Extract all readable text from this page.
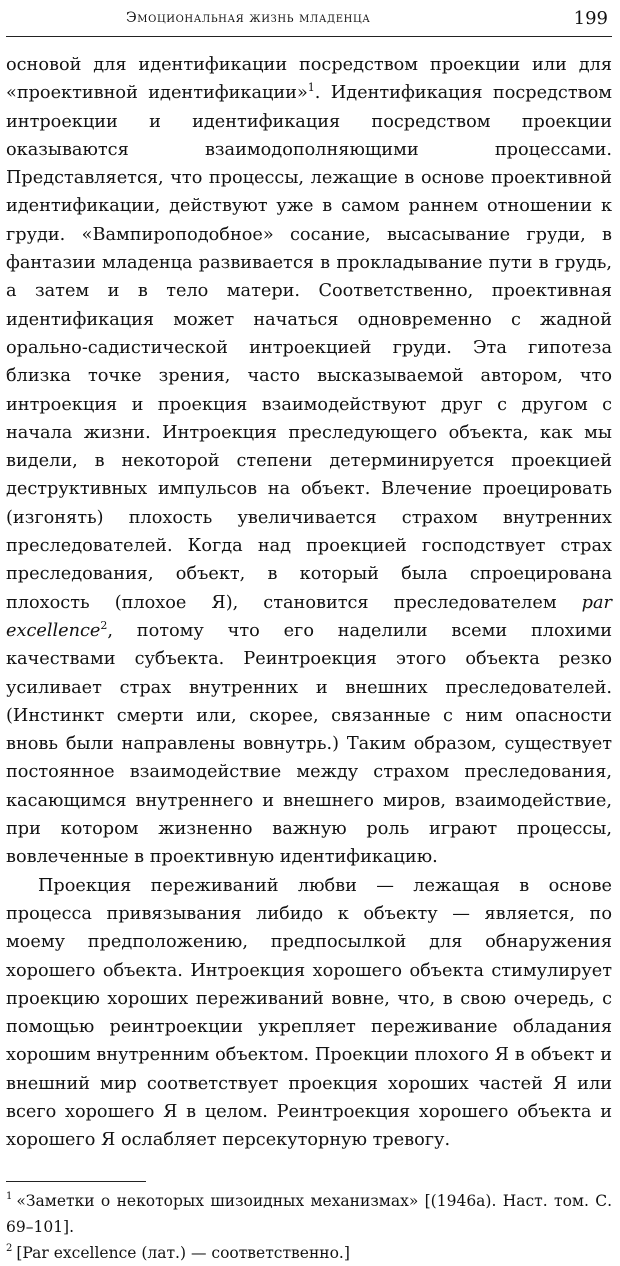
Эмоциональная жизнь младенца	199

основой для идентификации посредством проекции или для «проективной идентификации»$^1$. Идентификация посредством интроекции и идентификация посредством проекции оказываются взаимодополняющими процессами. Представляется, что процессы, лежащие в основе проективной идентификации, действуют уже в самом раннем отношении к груди. «Вампироподобное» сосание, высасывание груди, в фантазии младенца развивается в прокладывание пути в грудь, а затем и в тело матери. Соответственно, проективная идентификация может начаться одновременно с жадной орально-садистической интроекцией груди. Эта гипотеза близка точке зрения, часто высказываемой автором, что интроекция и проекция взаимодействуют друг с другом с начала жизни. Интроекция преследующего объекта, как мы видели, в некоторой степени детерминируется проекцией деструктивных импульсов на объект. Влечение проецировать (изгонять) плохость увеличивается страхом внутренних преследователей. Когда над проекцией господствует страх преследования, объект, в который была спроецирована плохость (плохое Я), становится преследователем par excellence$^2$, потому что его наделили всеми плохими качествами субъекта. Реинтроекция этого объекта резко усиливает страх внутренних и внешних преследователей. (Инстинкт смерти или, скорее, связанные с ним опасности вновь были направлены вовнутрь.) Таким образом, существует постоянное взаимодействие между страхом преследования, касающимся внутреннего и внешнего миров, взаимодействие, при котором жизненно важную роль играют процессы, вовлеченные в проективную идентификацию.

Проекция переживаний любви — лежащая в основе процесса привязывания либидо к объекту — является, по моему предположению, предпосылкой для обнаружения хорошего объекта. Интроекция хорошего объекта стимулирует проекцию хороших переживаний вовне, что, в свою очередь, с помощью реинтроекции укрепляет переживание обладания хорошим внутренним объектом. Проекции плохого Я в объект и внешний мир соответствует проекция хороших частей Я или всего хорошего Я в целом. Реинтроекция хорошего объекта и хорошего Я ослабляет персекуторную тревогу.

$^1$ «Заметки о некоторых шизоидных механизмах» [(1946а). Наст. том. С. 69–101].

$^2$ [Par excellence (лат.) — соответственно.]
